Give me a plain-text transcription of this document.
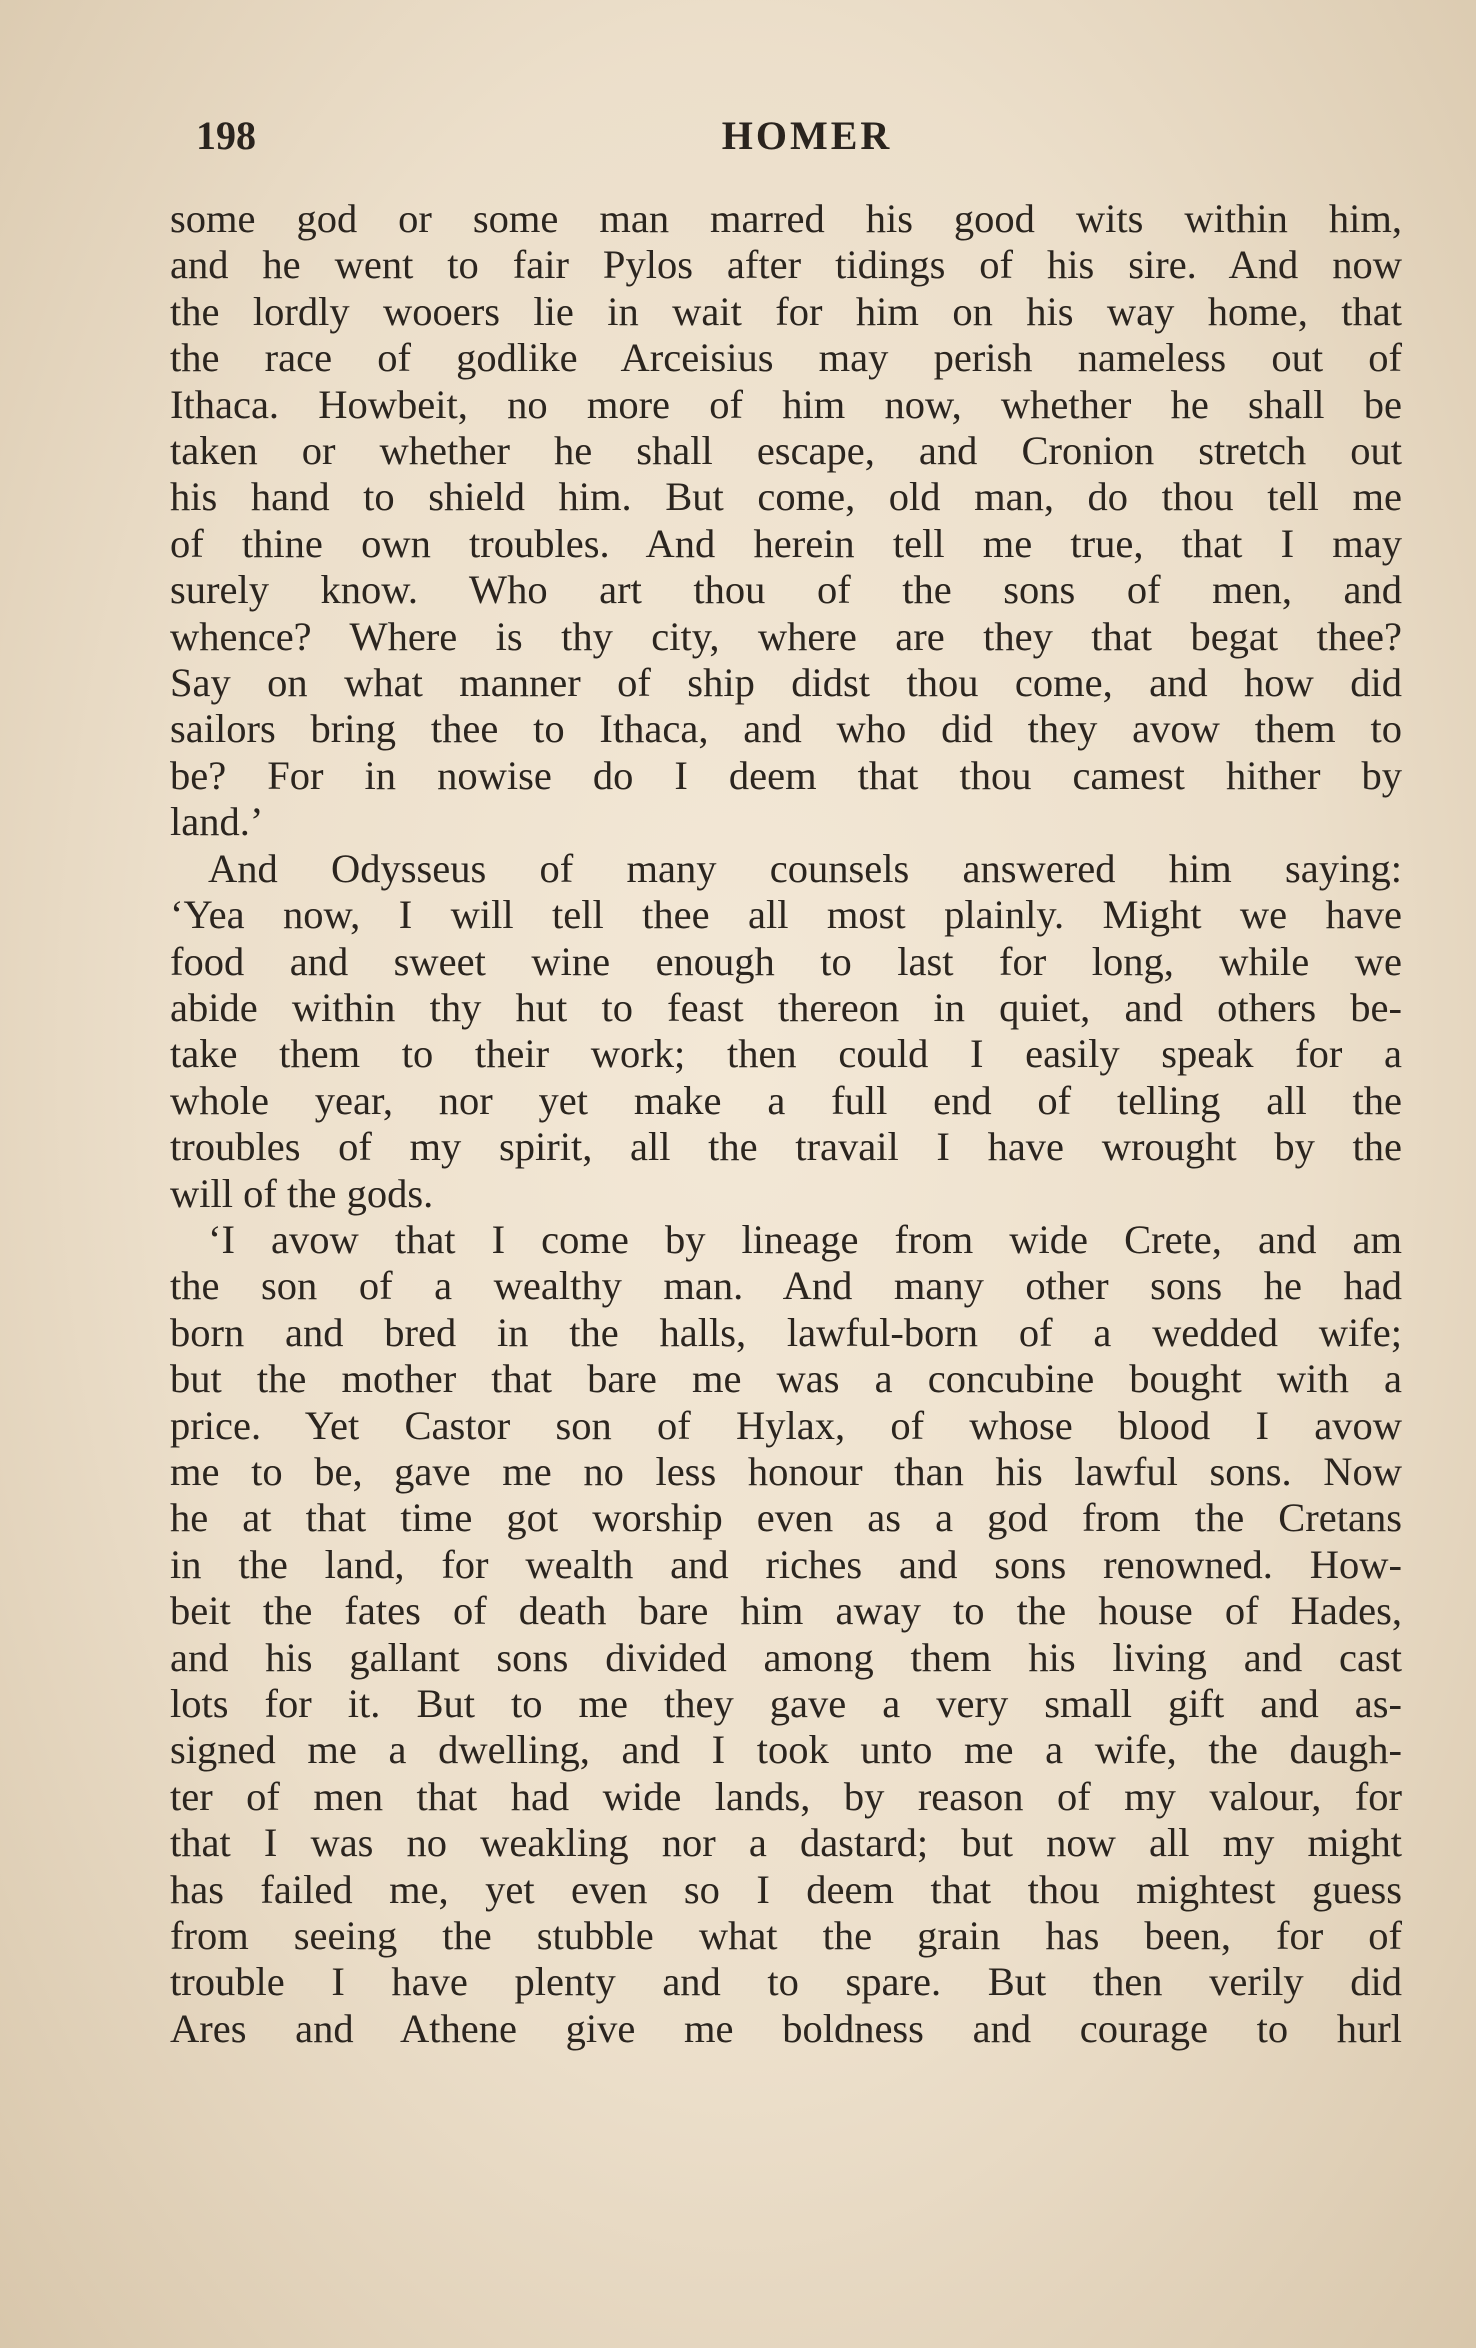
198	HOMER
some god or some man marred his good wits within him,
and he went to fair Pylos after tidings of his sire. And now
the lordly wooers lie in wait for him on his way home, that
the race of godlike Arceisius may perish nameless out of
Ithaca. Howbeit, no more of him now, whether he shall be
taken or whether he shall escape, and Cronion stretch out
his hand to shield him. But come, old man, do thou tell me
of thine own troubles. And herein tell me true, that I may
surely know. Who art thou of the sons of men, and
whence? Where is thy city, where are they that begat thee?
Say on what manner of ship didst thou come, and how did
sailors bring thee to Ithaca, and who did they avow them to
be? For in nowise do I deem that thou camest hither by
land.’
And Odysseus of many counsels answered him saying:
‘Yea now, I will tell thee all most plainly. Might we have
food and sweet wine enough to last for long, while we
abide within thy hut to feast thereon in quiet, and others be-
take them to their work; then could I easily speak for a
whole year, nor yet make a full end of telling all the
troubles of my spirit, all the travail I have wrought by the
will of the gods.
‘I avow that I come by lineage from wide Crete, and am
the son of a wealthy man. And many other sons he had
born and bred in the halls, lawful-born of a wedded wife;
but the mother that bare me was a concubine bought with a
price. Yet Castor son of Hylax, of whose blood I avow
me to be, gave me no less honour than his lawful sons. Now
he at that time got worship even as a god from the Cretans
in the land, for wealth and riches and sons renowned. How-
beit the fates of death bare him away to the house of Hades,
and his gallant sons divided among them his living and cast
lots for it. But to me they gave a very small gift and as-
signed me a dwelling, and I took unto me a wife, the daugh-
ter of men that had wide lands, by reason of my valour, for
that I was no weakling nor a dastard; but now all my might
has failed me, yet even so I deem that thou mightest guess
from seeing the stubble what the grain has been, for of
trouble I have plenty and to spare. But then verily did
Ares and Athene give me boldness and courage to hurl
